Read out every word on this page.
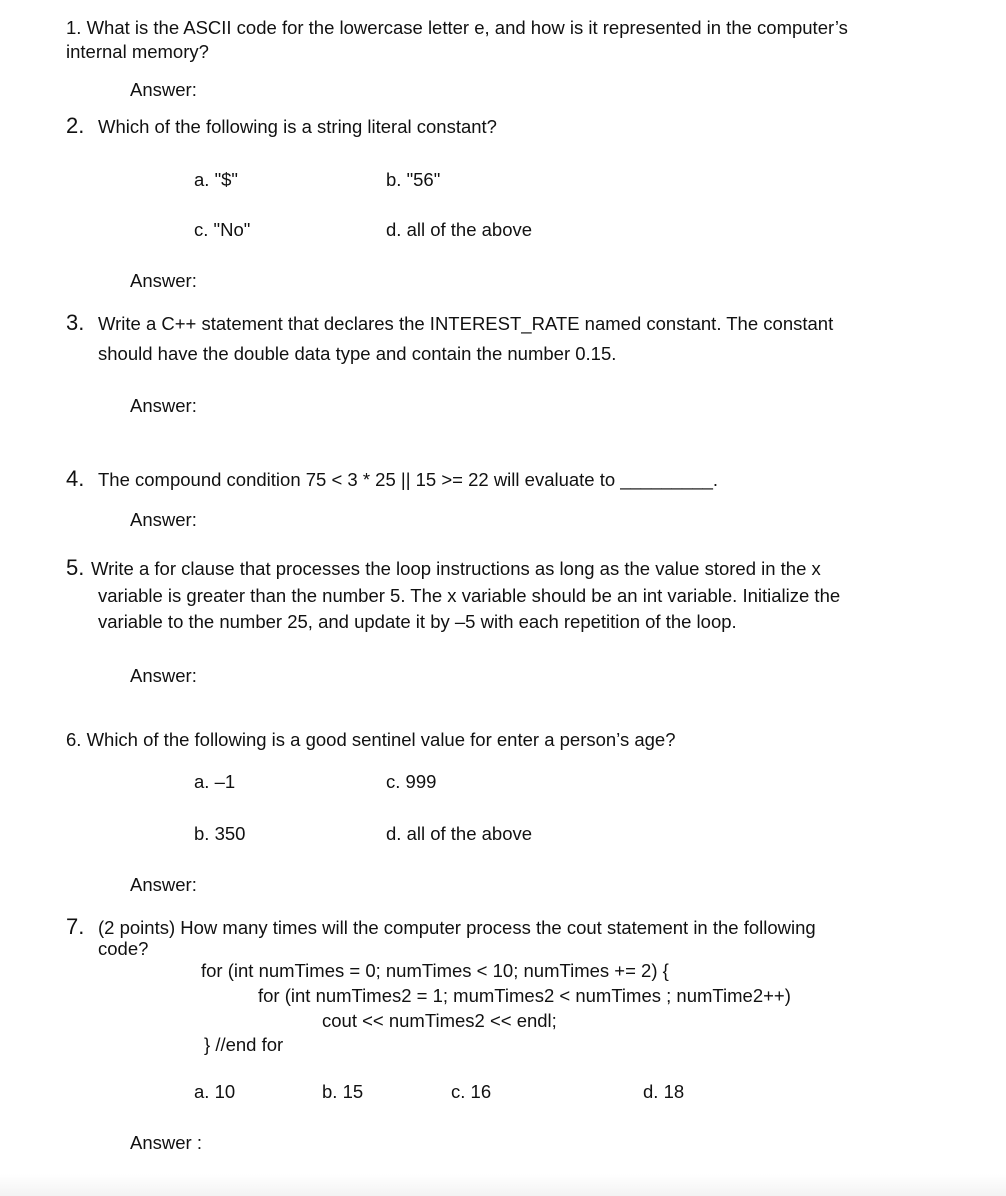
1. What is the ASCII code for the lowercase letter e, and how is it represented in the computer’s
internal memory?
Answer:
2. Which of the following is a string literal constant?
a. "$"	b. "56"
c. "No"	d. all of the above
Answer:
3. Write a C++ statement that declares the INTEREST_RATE named constant. The constant
should have the double data type and contain the number 0.15.
Answer:
4. The compound condition 75 < 3 * 25 || 15 >= 22 will evaluate to _________.
Answer:
5. Write a for clause that processes the loop instructions as long as the value stored in the x
variable is greater than the number 5. The x variable should be an int variable. Initialize the
variable to the number 25, and update it by –5 with each repetition of the loop.
Answer:
6. Which of the following is a good sentinel value for enter a person’s age?
a. –1	c. 999
b. 350	d. all of the above
Answer:
7. (2 points) How many times will the computer process the cout statement in the following
code?
for (int numTimes = 0; numTimes < 10; numTimes += 2) {
for (int numTimes2 = 1; mumTimes2 < numTimes ; numTime2++)
cout << numTimes2 << endl;
} //end for
a. 10	b. 15	c. 16	d. 18
Answer :
